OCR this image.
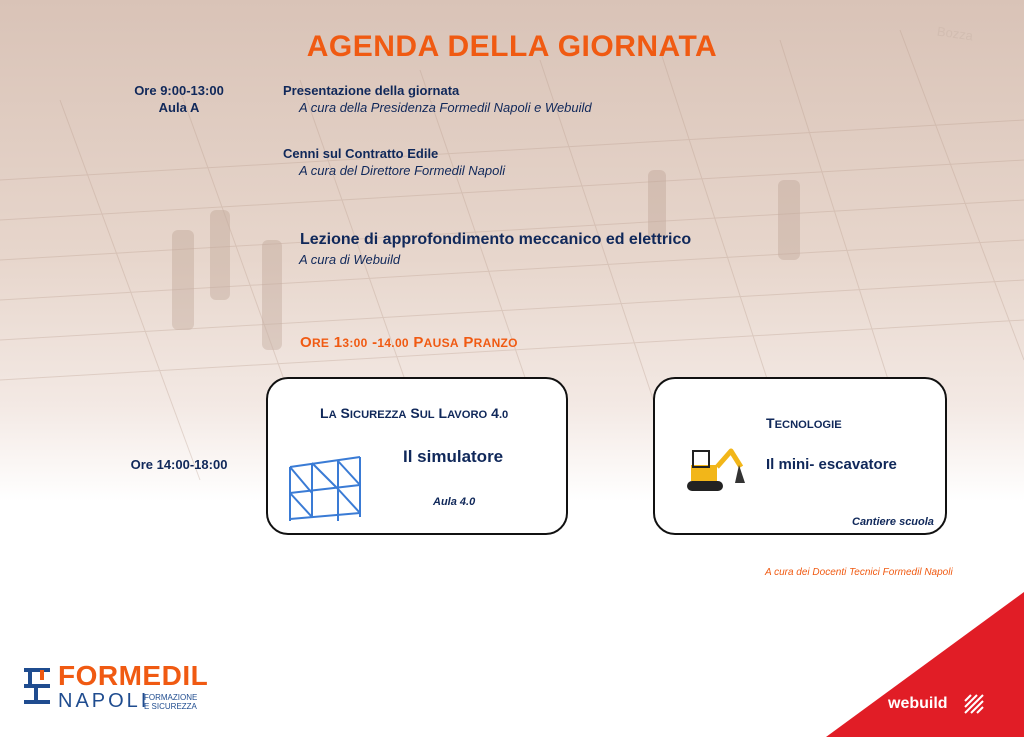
Bozza
AGENDA DELLA GIORNATA
Ore 9:00-13:00
Aula A
Presentazione della giornata
A cura della Presidenza Formedil Napoli e Webuild
Cenni sul Contratto Edile
A cura del Direttore Formedil Napoli
Lezione di approfondimento meccanico ed elettrico
A cura di Webuild
ORE 13:00 -14.00 PAUSA PRANZO
Ore 14:00-18:00
LA SICUREZZA SUL LAVORO 4.0
Il simulatore
Aula 4.0
TECNOLOGIE
Il mini- escavatore
Cantiere scuola
A cura dei Docenti Tecnici Formedil Napoli
FORMEDIL
NAPOLI
FORMAZIONE
E SICUREZZA	webuild
